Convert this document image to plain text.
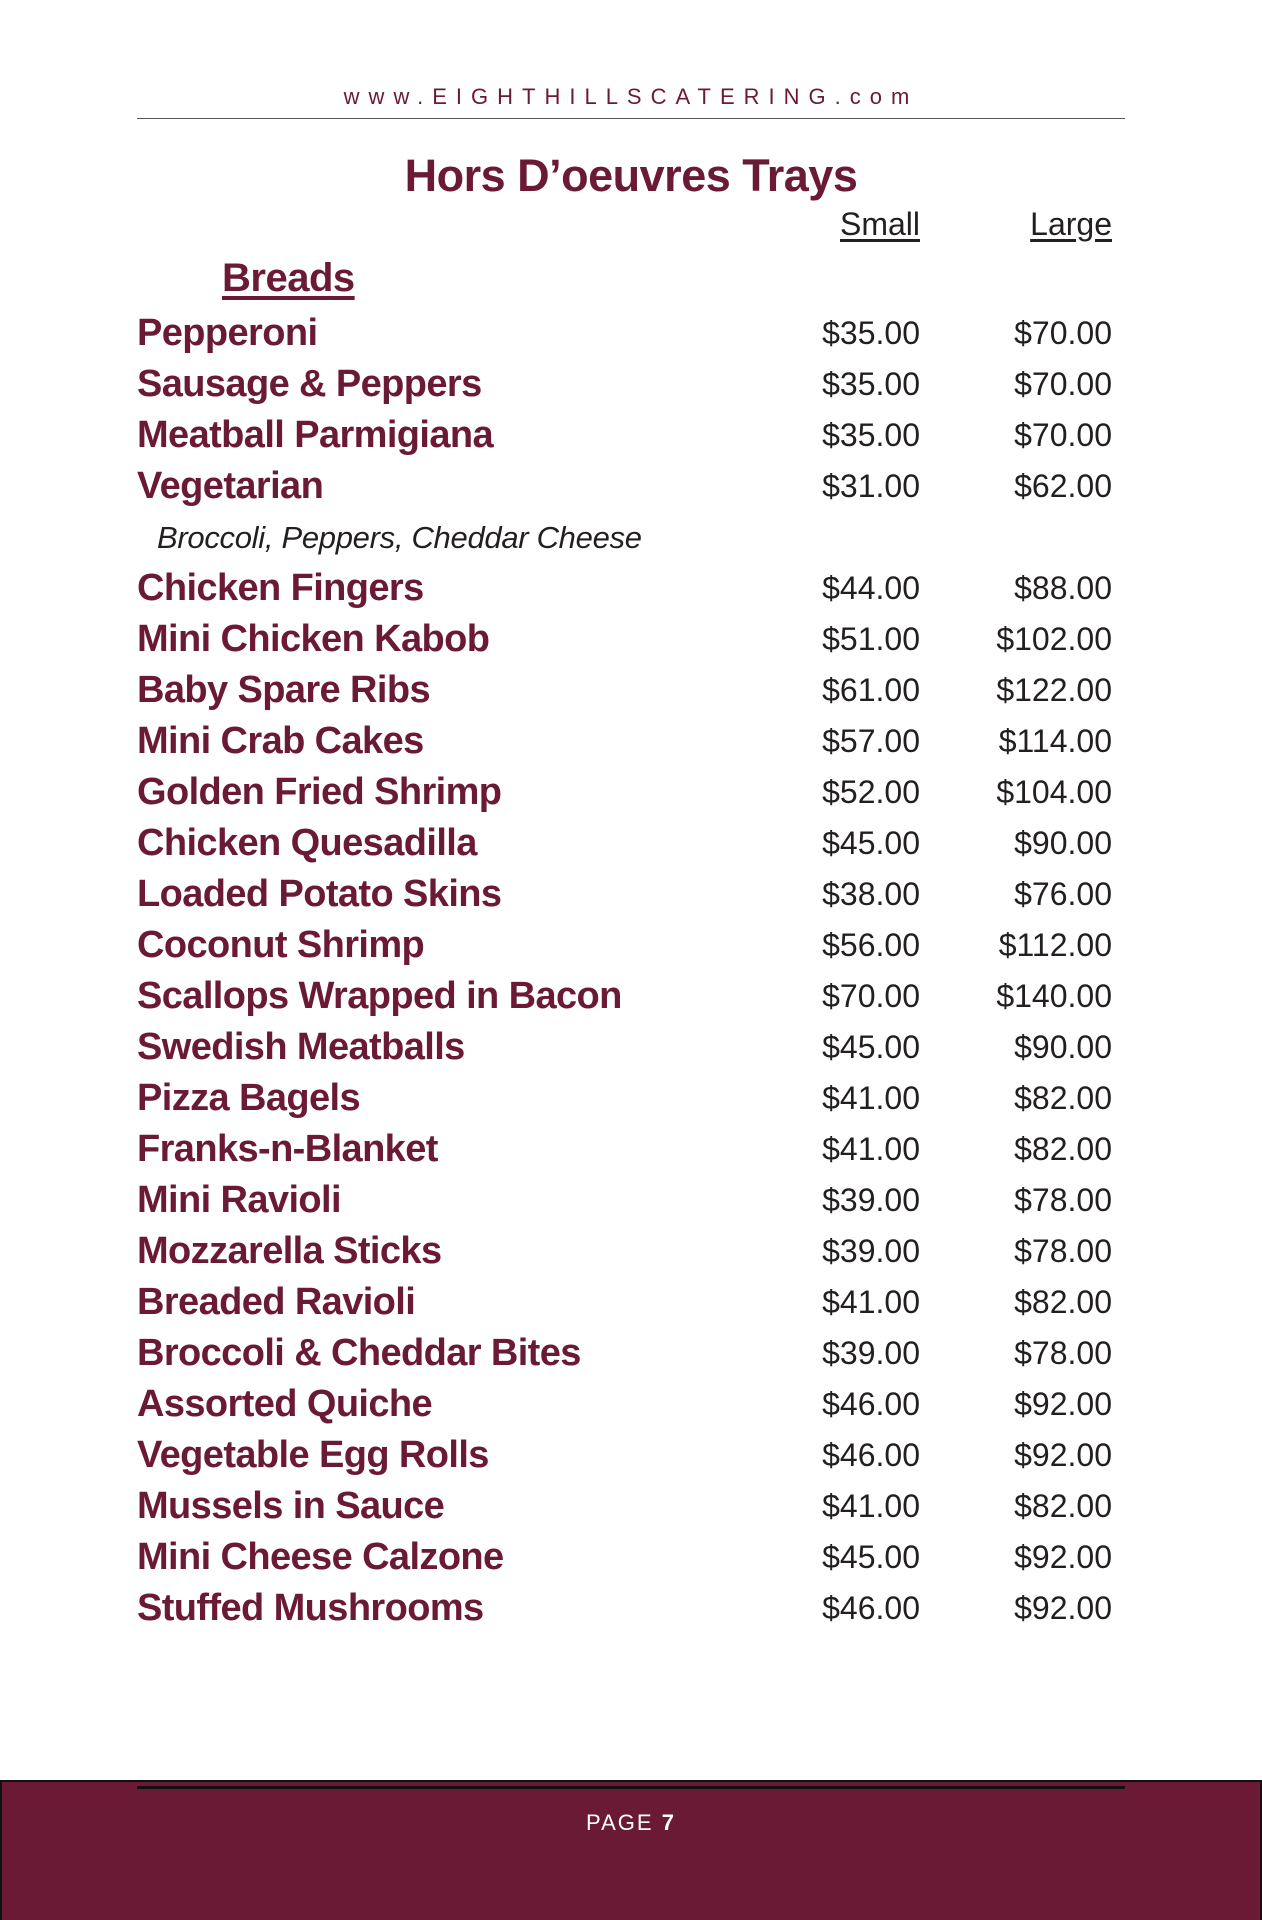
www.EIGHTHILLSCATERING.com
Hors D’oeuvres Trays
Small	Large
Breads
Pepperoni	$35.00	$70.00
Sausage & Peppers	$35.00	$70.00
Meatball Parmigiana	$35.00	$70.00
Vegetarian	$31.00	$62.00
Broccoli, Peppers, Cheddar Cheese
Chicken Fingers	$44.00	$88.00
Mini Chicken Kabob	$51.00	$102.00
Baby Spare Ribs	$61.00	$122.00
Mini Crab Cakes	$57.00	$114.00
Golden Fried Shrimp	$52.00	$104.00
Chicken Quesadilla	$45.00	$90.00
Loaded Potato Skins	$38.00	$76.00
Coconut Shrimp	$56.00	$112.00
Scallops Wrapped in Bacon	$70.00	$140.00
Swedish Meatballs	$45.00	$90.00
Pizza Bagels	$41.00	$82.00
Franks-n-Blanket	$41.00	$82.00
Mini Ravioli	$39.00	$78.00
Mozzarella Sticks	$39.00	$78.00
Breaded Ravioli	$41.00	$82.00
Broccoli & Cheddar Bites	$39.00	$78.00
Assorted Quiche	$46.00	$92.00
Vegetable Egg Rolls	$46.00	$92.00
Mussels in Sauce	$41.00	$82.00
Mini Cheese Calzone	$45.00	$92.00
Stuffed Mushrooms	$46.00	$92.00
PAGE 7
